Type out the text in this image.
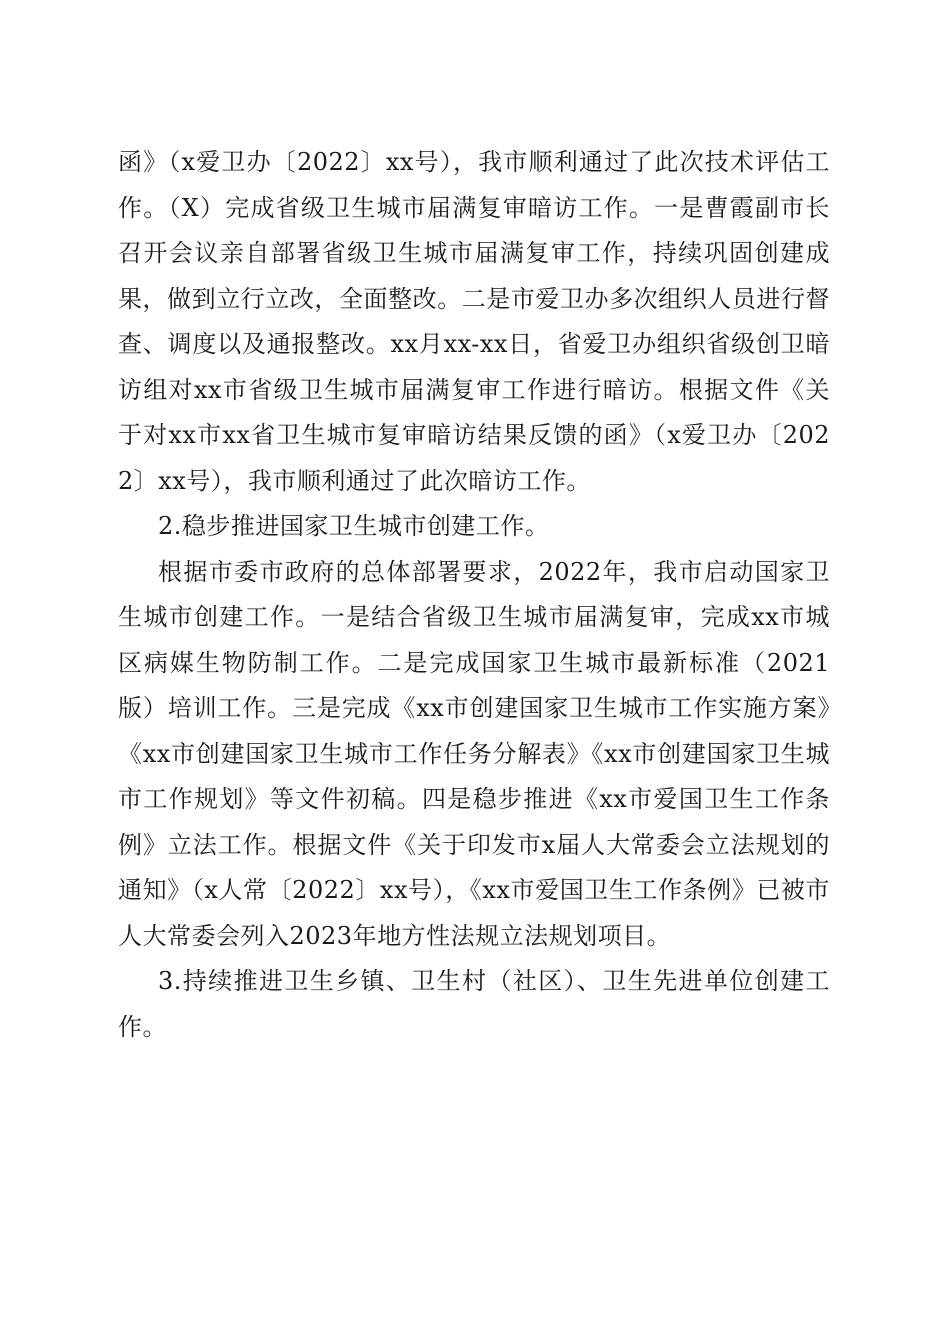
函》（x爱卫办〔2022〕xx号），我市顺利通过了此次技术评估工作。（X）完成省级卫生城市届满复审暗访工作。一是曹霞副市长召开会议亲自部署省级卫生城市届满复审工作，持续巩固创建成果，做到立行立改，全面整改。二是市爱卫办多次组织人员进行督查、调度以及通报整改。xx月xx-xx日，省爱卫办组织省级创卫暗访组对xx市省级卫生城市届满复审工作进行暗访。根据文件《关于对xx市xx省卫生城市复审暗访结果反馈的函》（x爱卫办〔2022〕xx号），我市顺利通过了此次暗访工作。

2.稳步推进国家卫生城市创建工作。

根据市委市政府的总体部署要求，2022年，我市启动国家卫生城市创建工作。一是结合省级卫生城市届满复审，完成xx市城区病媒生物防制工作。二是完成国家卫生城市最新标准（2021版）培训工作。三是完成《xx市创建国家卫生城市工作实施方案》《xx市创建国家卫生城市工作任务分解表》《xx市创建国家卫生城市工作规划》等文件初稿。四是稳步推进《xx市爱国卫生工作条例》立法工作。根据文件《关于印发市x届人大常委会立法规划的通知》（x人常〔2022〕xx号），《xx市爱国卫生工作条例》已被市人大常委会列入2023年地方性法规立法规划项目。

3.持续推进卫生乡镇、卫生村（社区）、卫生先进单位创建工作。
